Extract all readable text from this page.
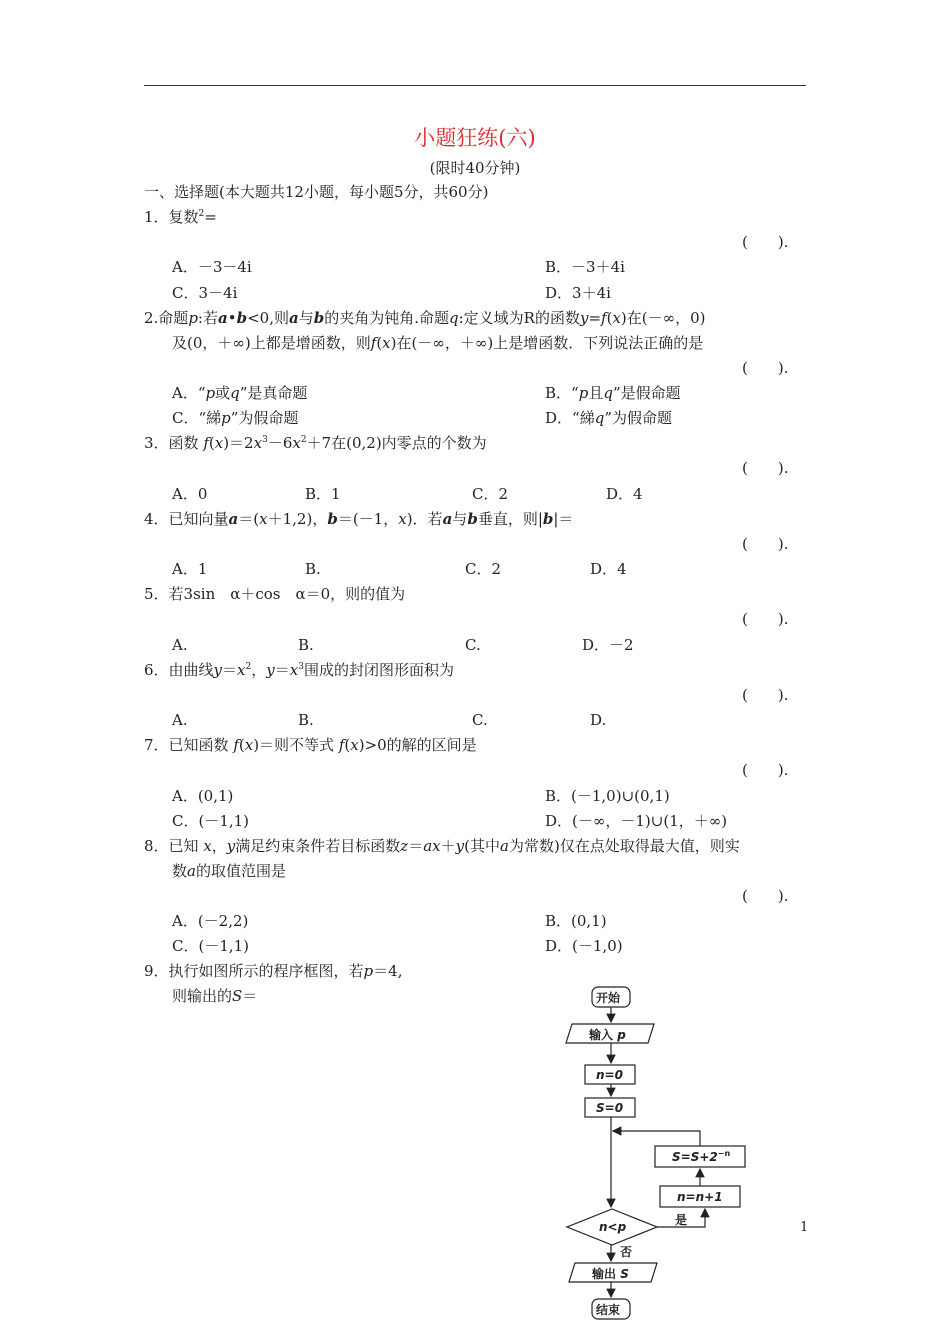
小题狂练(六)
(限时40分钟)
一、选择题(本大题共12小题，每小题5分，共60分)
1．复数$^2$=
(　　).
A．－3－4i	B．－3＋4i
C．3－4i	D．3＋4i
2.命题p:若a•b<0,则a与b的夹角为钝角.命题q:定义域为R的函数y=f(x)在(－∞，0)
及(0，＋∞)上都是增函数，则f(x)在(－∞，＋∞)上是增函数．下列说法正确的是
(　　).
A．“p或q”是真命题	B．“p且q”是假命题
C．“綈p”为假命题	D．“綈q”为假命题
3．函数 $f(x)=2x^3-6x^2+7$在(0,2)内零点的个数为
(　　).
A．0	B．1	C．2	D．4
4．已知向量a＝(x＋1,2)，b＝(－1，x)．若a与b垂直，则|b|＝
(　　).
A．1	B.	C．2	D．4
5．若3sin　α＋cos　α＝0，则的值为
(　　).
A.	B.	C.	D．－2
6．由曲线$y=x^2$，$y=x^3$围成的封闭图形面积为
(　　).
A.	B.	C.	D.
7．已知函数 f(x)＝则不等式 f(x)>0的解的区间是
(　　).
A．(0,1)	B．(－1,0)∪(0,1)
C．(－1,1)	D．(－∞，－1)∪(1，＋∞)
8．已知 x，y满足约束条件若目标函数z＝ax＋y(其中a为常数)仅在点处取得最大值，则实
数a的取值范围是
(　　).
A．(－2,2)	B．(0,1)
C．(－1,1)	D．(－1,0)
9．执行如图所示的程序框图，若p＝4,
则输出的S＝	开始
输入 p
n=0
S=0
$S=S+2^{-n}$
n=n+1
n<p	是
否
输出 S
结束
1
